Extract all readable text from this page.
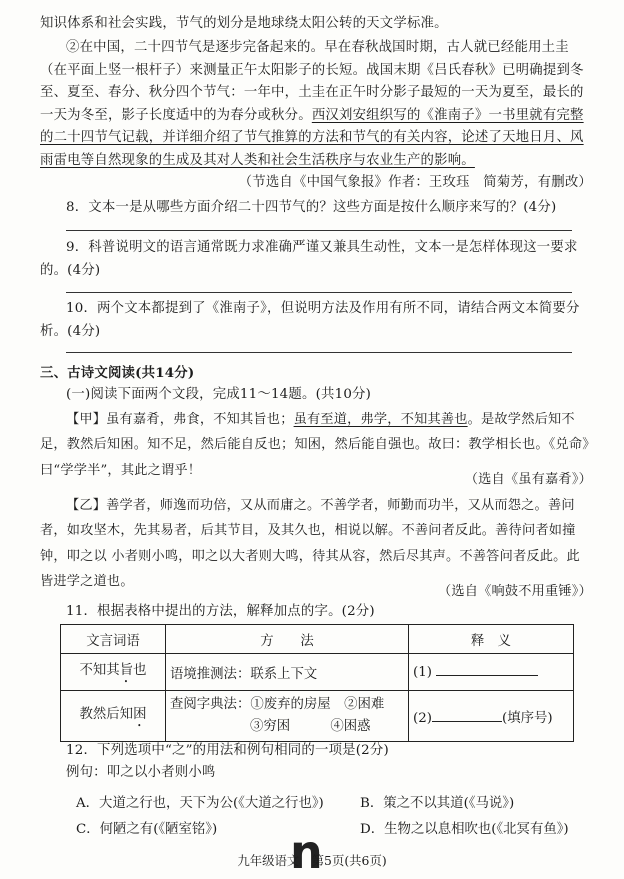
知识体系和社会实践，节气的划分是地球绕太阳公转的天文学标准。

②在中国，二十四节气是逐步完备起来的。早在春秋战国时期，古人就已经能用土圭（在平面上竖一根杆子）来测量正午太阳影子的长短。战国末期《吕氏春秋》已明确提到冬至、夏至、春分、秋分四个节气：一年中，土圭在正午时分影子最短的一天为夏至，最长的一天为冬至，影子长度适中的为春分或秋分。西汉刘安组织写的《淮南子》一书里就有完整的二十四节气记载，并详细介绍了节气推算的方法和节气的有关内容，论述了天地日月、风雨雷电等自然现象的生成及其对人类和社会生活秩序与农业生产的影响。

（节选自《中国气象报》作者：王玫珏　简菊芳，有删改）

8．文本一是从哪些方面介绍二十四节气的？这些方面是按什么顺序来写的？(4分)

9．科普说明文的语言通常既力求准确严谨又兼具生动性，文本一是怎样体现这一要求的。(4分)

10．两个文本都提到了《淮南子》，但说明方法及作用有所不同，请结合两文本简要分析。(4分)

三、古诗文阅读(共14分)

(一)阅读下面两个文段，完成11～14题。(共10分)

【甲】虽有嘉肴，弗食，不知其旨也；虽有至道，弗学，不知其善也。是故学然后知不足，教然后知困。知不足，然后能自反也；知困，然后能自强也。故曰：教学相长也。《兑命》曰“学学半”，其此之谓乎！

（选自《虽有嘉肴》）

【乙】善学者，师逸而功倍，又从而庸之。不善学者，师勤而功半，又从而怨之。善问者，如攻坚木，先其易者，后其节目，及其久也，相说以解。不善问者反此。善待问者如撞钟，叩之以 小者则小鸣，叩之以大者则大鸣，待其从容，然后尽其声。不善答问者反此。此皆进学之道也。

（选自《响鼓不用重锤》）

11．根据表格中提出的方法，解释加点的字。(2分)

文言词语	方　　法	释　义
不知其旨也	语境推测法：联系上下文	(1)
教然后知困	查阅字典法：①废弃的房屋　②困难
③穷困　　　④困惑	(2) (填序号)

12．下列选项中“之”的用法和例句相同的一项是(2分)

例句：叩之以小者则小鸣

A．大道之行也，天下为公(《大道之行也》)	B．策之不以其道(《马说》)

C．何陋之有(《陋室铭》)	D．生物之以息相吹也(《北冥有鱼》)

n

九年级语文　第5页(共6页)
